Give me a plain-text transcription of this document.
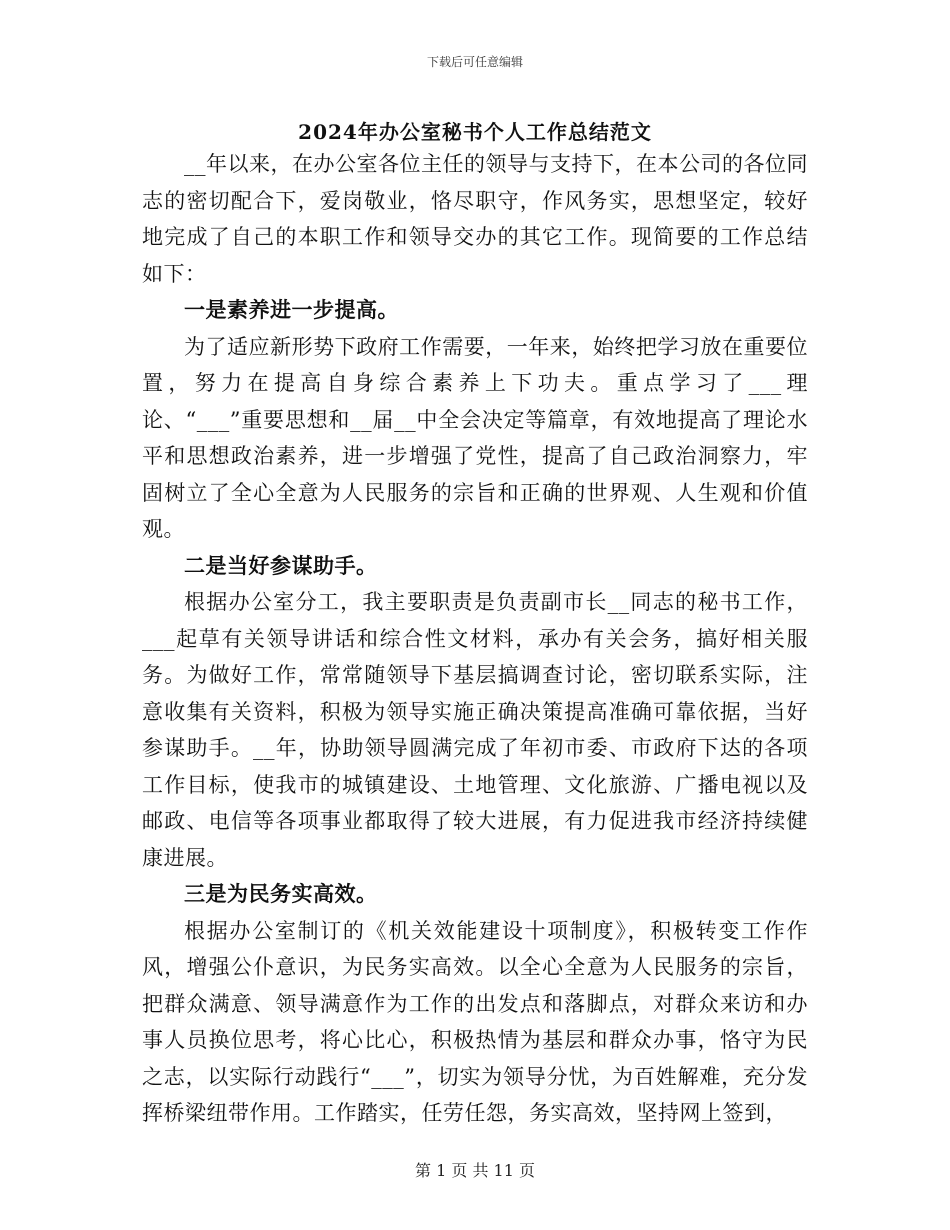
下载后可任意编辑
2024年办公室秘书个人工作总结范文

__年以来，在办公室各位主任的领导与支持下，在本公司的各位同志的密切配合下，爱岗敬业，恪尽职守，作风务实，思想坚定，较好地完成了自己的本职工作和领导交办的其它工作。现简要的工作总结如下：

一是素养进一步提高。

为了适应新形势下政府工作需要，一年来，始终把学习放在重要位置，努力在提高自身综合素养上下功夫。重点学习了___理论、“___”重要思想和__届__中全会决定等篇章，有效地提高了理论水平和思想政治素养，进一步增强了党性，提高了自己政治洞察力，牢固树立了全心全意为人民服务的宗旨和正确的世界观、人生观和价值观。

二是当好参谋助手。

根据办公室分工，我主要职责是负责副市长__同志的秘书工作，___起草有关领导讲话和综合性文材料，承办有关会务，搞好相关服务。为做好工作，常常随领导下基层搞调查讨论，密切联系实际，注意收集有关资料，积极为领导实施正确决策提高准确可靠依据，当好参谋助手。__年，协助领导圆满完成了年初市委、市政府下达的各项工作目标，使我市的城镇建设、土地管理、文化旅游、广播电视以及邮政、电信等各项事业都取得了较大进展，有力促进我市经济持续健康进展。

三是为民务实高效。

根据办公室制订的《机关效能建设十项制度》，积极转变工作作风，增强公仆意识，为民务实高效。以全心全意为人民服务的宗旨，把群众满意、领导满意作为工作的出发点和落脚点，对群众来访和办事人员换位思考，将心比心，积极热情为基层和群众办事，恪守为民之志，以实际行动践行“___”，切实为领导分忧，为百姓解难，充分发挥桥梁纽带作用。工作踏实，任劳任怨，务实高效，坚持网上签到，

第 1 页 共 11 页
